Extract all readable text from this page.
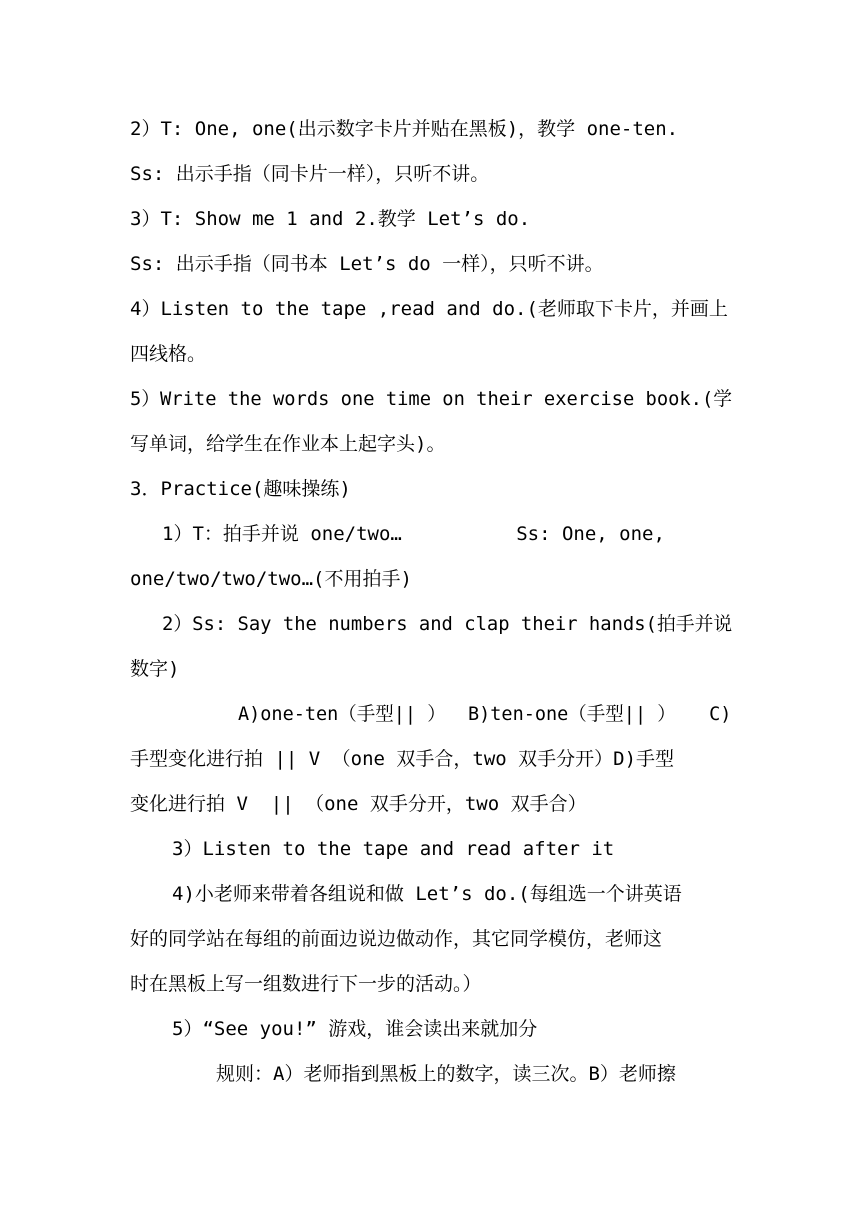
2）T: One, one(出示数字卡片并贴在黑板)，教学 one-ten.
Ss: 出示手指（同卡片一样），只听不讲。
3）T: Show me 1 and 2.教学 Let’s do.
Ss: 出示手指（同书本 Let’s do 一样），只听不讲。
4）Listen to the tape ,read and do.(老师取下卡片，并画上
四线格。
5）Write the words one time on their exercise book.(学
写单词，给学生在作业本上起字头)。
3．Practice(趣味操练)
1）T：拍手并说 one/two…          Ss: One, one,
one/two/two/two…(不用拍手)
2）Ss: Say the numbers and clap their hands(拍手并说
数字)
A)one-ten（手型|| ）  B)ten-one（手型|| ）   C)
手型变化进行拍 || V （one 双手合，two 双手分开）D)手型
变化进行拍 V  || （one 双手分开，two 双手合）
3）Listen to the tape and read after it
4)小老师来带着各组说和做 Let’s do.(每组选一个讲英语
好的同学站在每组的前面边说边做动作，其它同学模仿，老师这
时在黑板上写一组数进行下一步的活动。）
5）“See you!” 游戏，谁会读出来就加分
规则：A）老师指到黑板上的数字，读三次。B）老师擦
